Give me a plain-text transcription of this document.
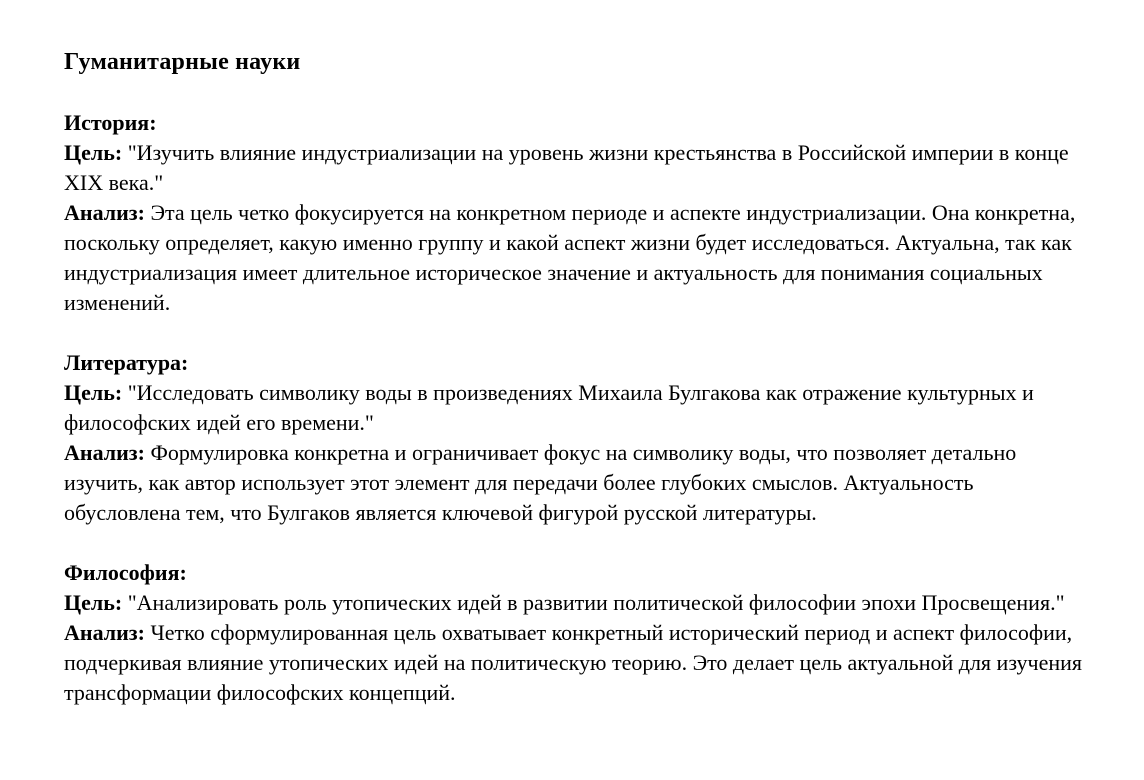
Гуманитарные науки
История:

Цель: "Изучить влияние индустриализации на уровень жизни крестьянства в Российской империи в конце XIX века."

Анализ: Эта цель четко фокусируется на конкретном периоде и аспекте индустриализации. Она конкретна, поскольку определяет, какую именно группу и какой аспект жизни будет исследоваться. Актуальна, так как индустриализация имеет длительное историческое значение и актуальность для понимания социальных изменений.

Литература:

Цель: "Исследовать символику воды в произведениях Михаила Булгакова как отражение культурных и философских идей его времени."

Анализ: Формулировка конкретна и ограничивает фокус на символику воды, что позволяет детально изучить, как автор использует этот элемент для передачи более глубоких смыслов. Актуальность обусловлена тем, что Булгаков является ключевой фигурой русской литературы.

Философия:

Цель: "Анализировать роль утопических идей в развитии политической философии эпохи Просвещения."

Анализ: Четко сформулированная цель охватывает конкретный исторический период и аспект философии, подчеркивая влияние утопических идей на политическую теорию. Это делает цель актуальной для изучения трансформации философских концепций.
